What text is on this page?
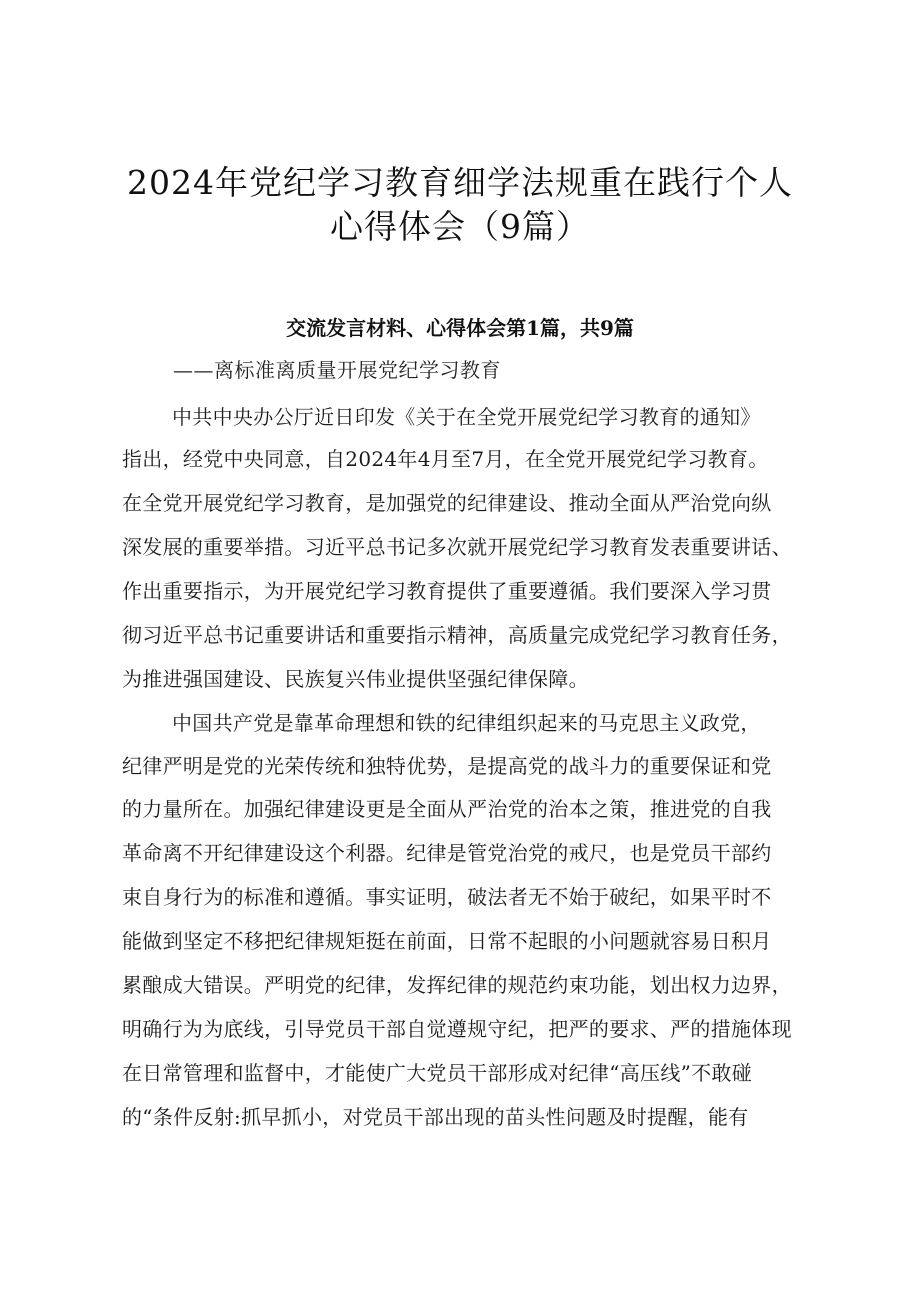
2024年党纪学习教育细学法规重在践行个人
心得体会（9篇）
交流发言材料、心得体会第1篇，共9篇
——离标准离质量开展党纪学习教育
中共中央办公厅近日印发《关于在全党开展党纪学习教育的通知》
指出，经党中央同意，自2024年4月至7月，在全党开展党纪学习教育。
在全党开展党纪学习教育，是加强党的纪律建设、推动全面从严治党向纵
深发展的重要举措。习近平总书记多次就开展党纪学习教育发表重要讲话、
作出重要指示，为开展党纪学习教育提供了重要遵循。我们要深入学习贯
彻习近平总书记重要讲话和重要指示精神，高质量完成党纪学习教育任务，
为推进强国建设、民族复兴伟业提供坚强纪律保障。
中国共产党是靠革命理想和铁的纪律组织起来的马克思主义政党，
纪律严明是党的光荣传统和独特优势，是提高党的战斗力的重要保证和党
的力量所在。加强纪律建设更是全面从严治党的治本之策，推进党的自我
革命离不开纪律建设这个利器。纪律是管党治党的戒尺，也是党员干部约
束自身行为的标准和遵循。事实证明，破法者无不始于破纪，如果平时不
能做到坚定不移把纪律规矩挺在前面，日常不起眼的小问题就容易日积月
累酿成大错误。严明党的纪律，发挥纪律的规范约束功能，划出权力边界，
明确行为为底线，引导党员干部自觉遵规守纪，把严的要求、严的措施体现
在日常管理和监督中，才能使广大党员干部形成对纪律“高压线”不敢碰
的“条件反射:抓早抓小，对党员干部出现的苗头性问题及时提醒，能有
